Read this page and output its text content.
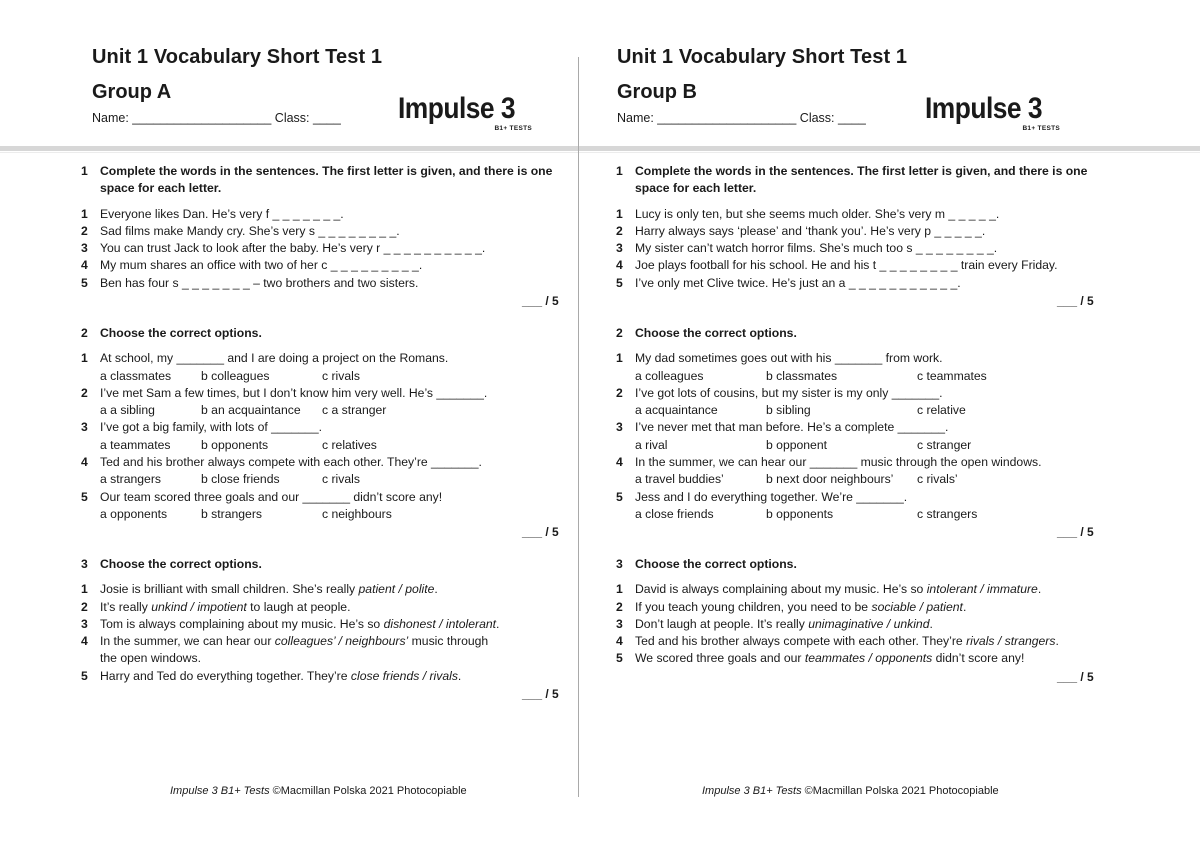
Unit 1 Vocabulary Short Test 1
Group A
Name: ____________________ Class: ____ Impulse 3
B1+ TESTS
1	Complete the words in the sentences. The first letter is given, and there is one
space for each letter.
1	Everyone likes Dan. He’s very f _ _ _ _ _ _ _.
2	Sad films make Mandy cry. She’s very s _ _ _ _ _ _ _ _.
3	You can trust Jack to look after the baby. He’s very r _ _ _ _ _ _ _ _ _ _.
4	My mum shares an office with two of her c _ _ _ _ _ _ _ _ _.
5	Ben has four s _ _ _ _ _ _ _ – two brothers and two sisters.
___ / 5
2	Choose the correct options.
1	At school, my _______ and I are doing a project on the Romans.
a classmates b colleagues	c rivals
2	I’ve met Sam a few times, but I don’t know him very well. He’s _______.
a a sibling	b an acquaintance c a stranger
3	I’ve got a big family, with lots of _______.
a teammates	b opponents	c relatives
4	Ted and his brother always compete with each other. They’re _______.
a strangers	b close friends	c rivals
5	Our team scored three goals and our _______ didn’t score any!
a opponents	b strangers	c neighbours
___ / 5
3	Choose the correct options.
1	Josie is brilliant with small children. She’s really patient / polite.
2	It’s really unkind / impotient to laugh at people.
3	Tom is always complaining about my music. He’s so dishonest / intolerant.
4	In the summer, we can hear our colleagues’ / neighbours’ music through
the open windows.
5	Harry and Ted do everything together. They’re close friends / rivals.
___ / 5
Impulse 3 B1+ Tests ©Macmillan Polska 2021 Photocopiable
Unit 1 Vocabulary Short Test 1
Group B
Name: ____________________ Class: ____ Impulse 3
B1+ TESTS
1	Complete the words in the sentences. The first letter is given, and there is one
space for each letter.
1	Lucy is only ten, but she seems much older. She’s very m _ _ _ _ _.
2	Harry always says ‘please’ and ‘thank you’. He’s very p _ _ _ _ _.
3	My sister can’t watch horror films. She’s much too s _ _ _ _ _ _ _ _.
4	Joe plays football for his school. He and his t _ _ _ _ _ _ _ _ train every Friday.
5	I’ve only met Clive twice. He’s just an a _ _ _ _ _ _ _ _ _ _ _.
___ / 5
2	Choose the correct options.
1	My dad sometimes goes out with his _______ from work.
a colleagues	b classmates	c teammates
2	I’ve got lots of cousins, but my sister is my only _______.
a acquaintance	b sibling	c relative
3	I’ve never met that man before. He’s a complete _______.
a rival	b opponent	c stranger
4	In the summer, we can hear our _______ music through the open windows.
a travel buddies’	b next door neighbours’ c rivals’
5	Jess and I do everything together. We’re _______.
a close friends	b opponents	c strangers
___ / 5
3	Choose the correct options.
1	David is always complaining about my music. He’s so intolerant / immature.
2	If you teach young children, you need to be sociable / patient.
3	Don’t laugh at people. It’s really unimaginative / unkind.
4	Ted and his brother always compete with each other. They’re rivals / strangers.
5	We scored three goals and our teammates / opponents didn’t score any!
___ / 5
Impulse 3 B1+ Tests ©Macmillan Polska 2021 Photocopiable
